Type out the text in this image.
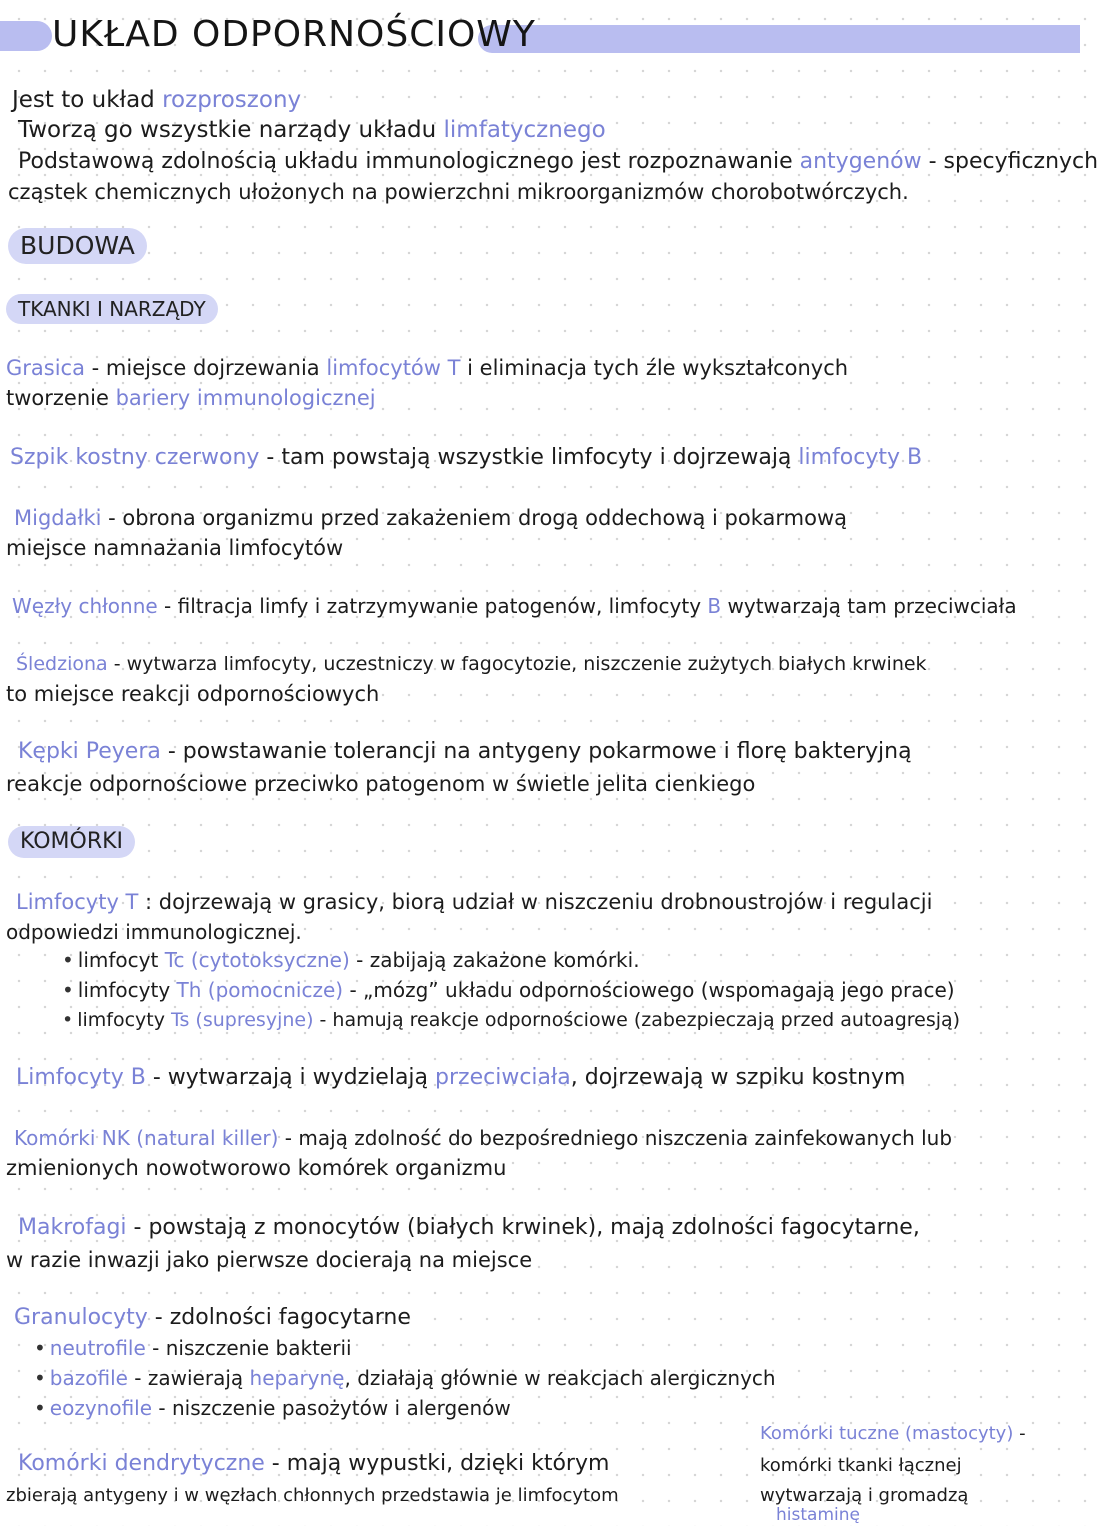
UKŁAD ODPORNOŚCIOWY
Jest to układ rozproszony
Tworzą go wszystkie narządy układu limfatycznego
Podstawową zdolnością układu immunologicznego jest rozpoznawanie antygenów - specyficznych
cząstek chemicznych ułożonych na powierzchni mikroorganizmów chorobotwórczych.
BUDOWA
TKANKI I NARZĄDY
Grasica - miejsce dojrzewania limfocytów T i eliminacja tych źle wykształconych
tworzenie bariery immunologicznej
Szpik kostny czerwony - tam powstają wszystkie limfocyty i dojrzewają limfocyty B
Migdałki - obrona organizmu przed zakażeniem drogą oddechową i pokarmową
miejsce namnażania limfocytów
Węzły chłonne - filtracja limfy i zatrzymywanie patogenów, limfocyty B wytwarzają tam przeciwciała
Śledziona - wytwarza limfocyty, uczestniczy w fagocytozie, niszczenie zużytych białych krwinek
to miejsce reakcji odpornościowych
Kępki Peyera - powstawanie tolerancji na antygeny pokarmowe i florę bakteryjną
reakcje odpornościowe przeciwko patogenom w świetle jelita cienkiego
KOMÓRKI
Limfocyty T : dojrzewają w grasicy, biorą udział w niszczeniu drobnoustrojów i regulacji
odpowiedzi immunologicznej.
• limfocyt Tc (cytotoksyczne) - zabijają zakażone komórki.
• limfocyty Th (pomocnicze) - „mózg” układu odpornościowego (wspomagają jego prace)
• limfocyty Ts (supresyjne) - hamują reakcje odpornościowe (zabezpieczają przed autoagresją)
Limfocyty B - wytwarzają i wydzielają przeciwciała, dojrzewają w szpiku kostnym
Komórki NK (natural killer) - mają zdolność do bezpośredniego niszczenia zainfekowanych lub
zmienionych nowotworowo komórek organizmu
Makrofagi - powstają z monocytów (białych krwinek), mają zdolności fagocytarne,
w razie inwazji jako pierwsze docierają na miejsce
Granulocyty - zdolności fagocytarne
• neutrofile - niszczenie bakterii
• bazofile - zawierają heparynę, działają głównie w reakcjach alergicznych
• eozynofile - niszczenie pasożytów i alergenów
Komórki dendrytyczne - mają wypustki, dzięki którym
zbierają antygeny i w węzłach chłonnych przedstawia je limfocytom
Komórki tuczne (mastocyty) -
komórki tkanki łącznej
wytwarzają i gromadzą
histaminę
